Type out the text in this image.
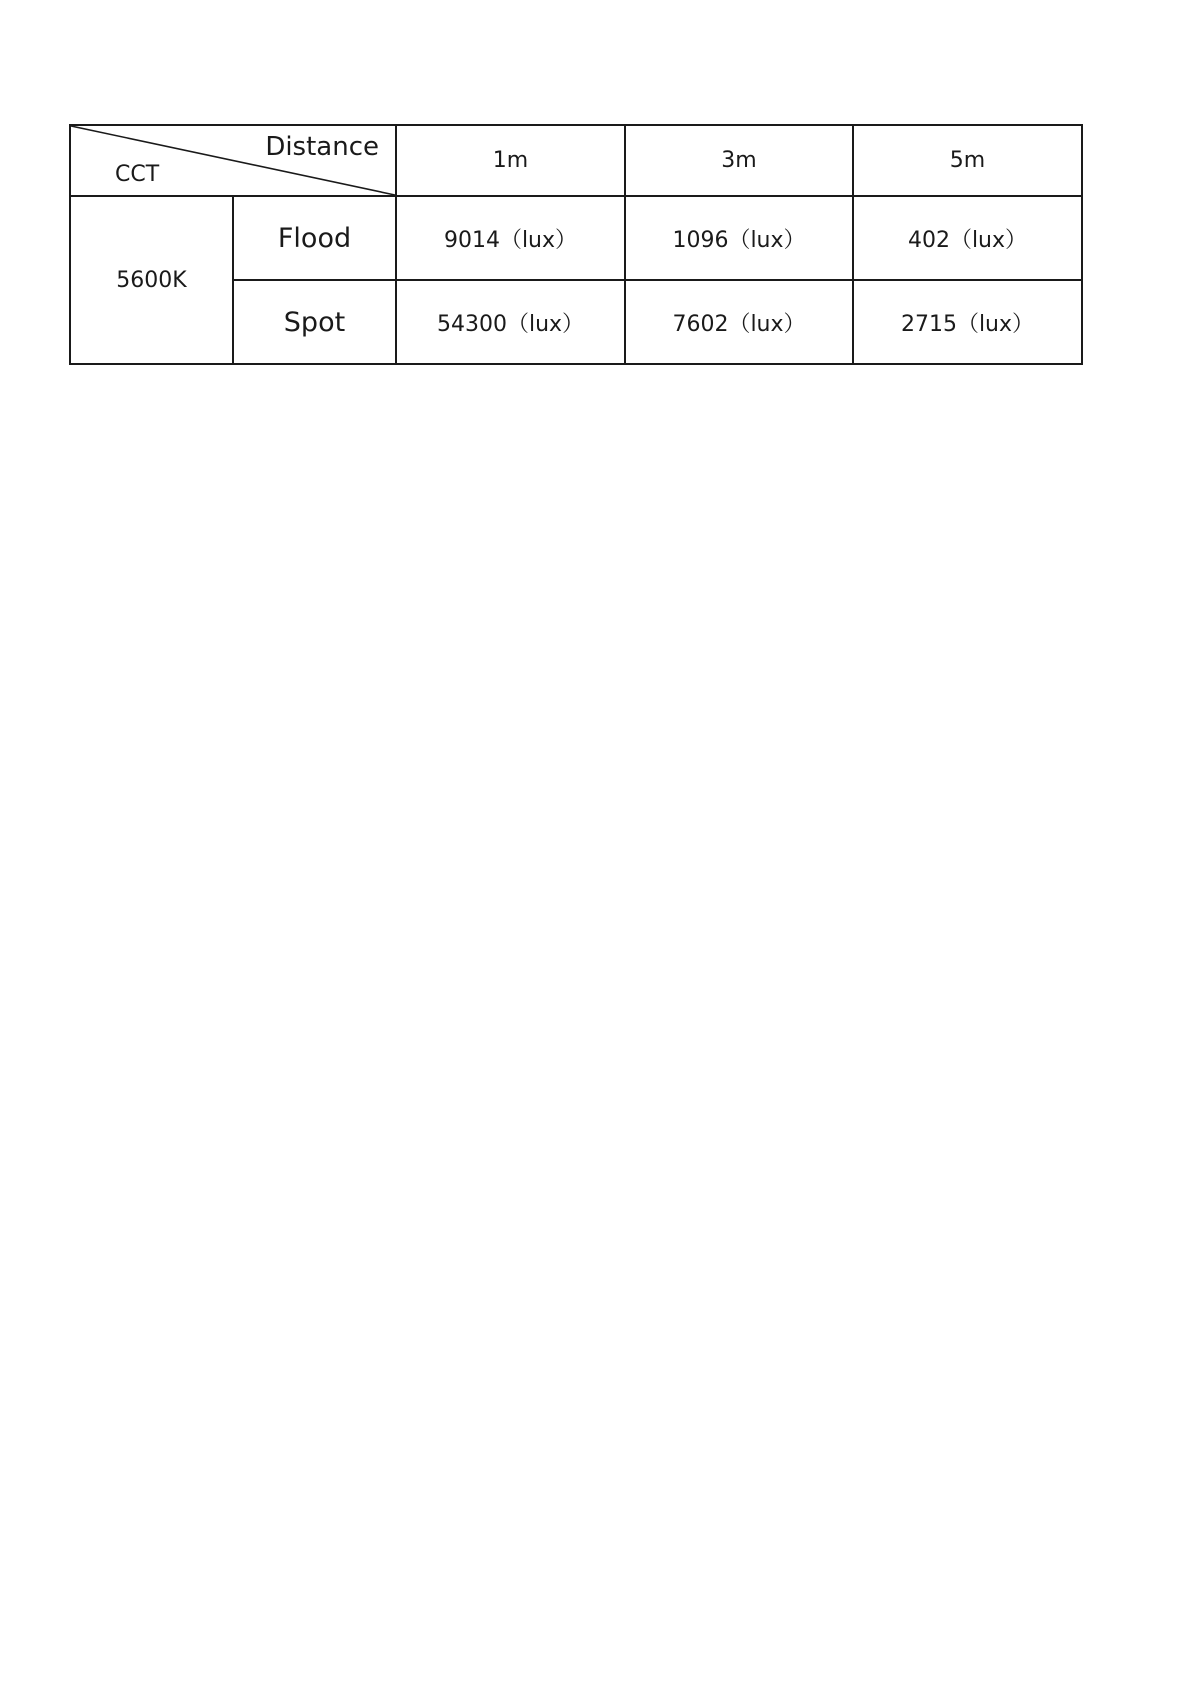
Distance
CCT		1m	3m	5m
5600K	Flood	9014（lux）	1096（lux）	402（lux）
	Spot	54300（lux）	7602（lux）	2715（lux）
